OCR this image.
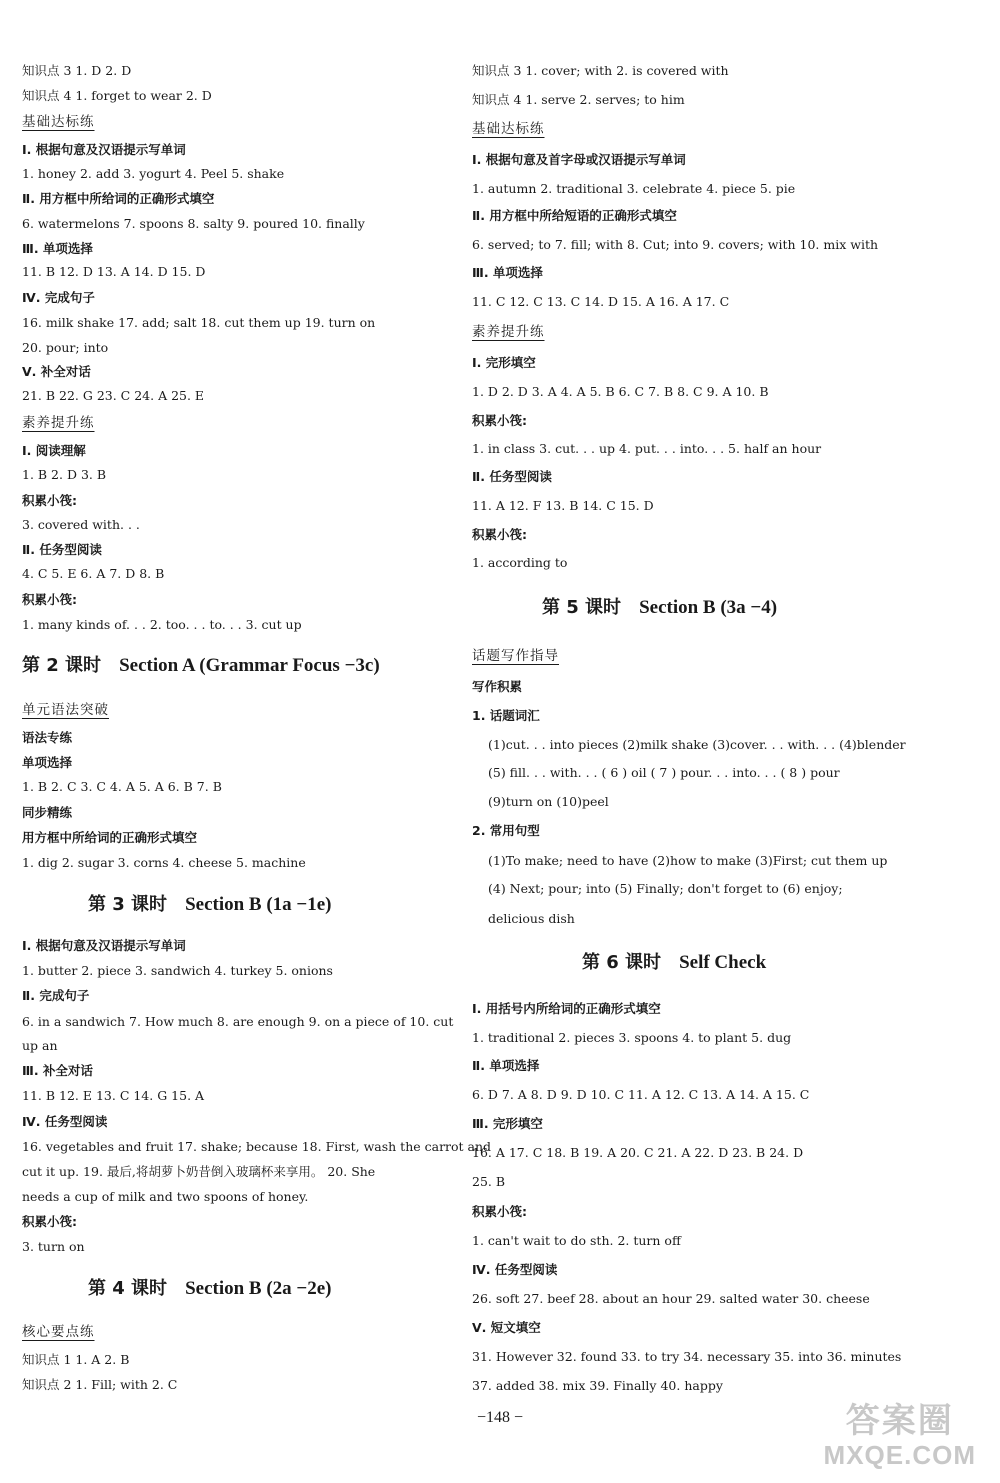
知识点 3 1. D 2. D
知识点 4 1. forget to wear 2. D
基础达标练
Ⅰ. 根据句意及汉语提示写单词
1. honey 2. add 3. yogurt 4. Peel 5. shake
Ⅱ. 用方框中所给词的正确形式填空
6. watermelons 7. spoons 8. salty 9. poured 10. finally
Ⅲ. 单项选择
11. B 12. D 13. A 14. D 15. D
Ⅳ. 完成句子
16. milk shake 17. add; salt 18. cut them up 19. turn on
20. pour; into
Ⅴ. 补全对话
21. B 22. G 23. C 24. A 25. E
素养提升练
Ⅰ. 阅读理解
1. B 2. D 3. B
积累小筏:
3. covered with. . .
Ⅱ. 任务型阅读
4. C 5. E 6. A 7. D 8. B
积累小筏:
1. many kinds of. . . 2. too. . . to. . . 3. cut up
第 2 课时 Section A (Grammar Focus −3c)
单元语法突破
语法专练
单项选择
1. B 2. C 3. C 4. A 5. A 6. B 7. B
同步精练
用方框中所给词的正确形式填空
1. dig 2. sugar 3. corns 4. cheese 5. machine
第 3 课时 Section B (1a −1e)
Ⅰ. 根据句意及汉语提示写单词
1. butter 2. piece 3. sandwich 4. turkey 5. onions
Ⅱ. 完成句子
6. in a sandwich 7. How much 8. are enough 9. on a piece of 10. cut
up an
Ⅲ. 补全对话
11. B 12. E 13. C 14. G 15. A
Ⅳ. 任务型阅读
16. vegetables and fruit 17. shake; because 18. First, wash the carrot and
cut it up. 19. 最后,将胡萝卜奶昔倒入玻璃杯来享用。 20. She
needs a cup of milk and two spoons of honey.
积累小筏:
3. turn on
第 4 课时 Section B (2a −2e)
核心要点练
知识点 1 1. A 2. B
知识点 2 1. Fill; with 2. C
知识点 3 1. cover; with 2. is covered with
知识点 4 1. serve 2. serves; to him
基础达标练
Ⅰ. 根据句意及首字母或汉语提示写单词
1. autumn 2. traditional 3. celebrate 4. piece 5. pie
Ⅱ. 用方框中所给短语的正确形式填空
6. served; to 7. fill; with 8. Cut; into 9. covers; with 10. mix with
Ⅲ. 单项选择
11. C 12. C 13. C 14. D 15. A 16. A 17. C
素养提升练
Ⅰ. 完形填空
1. D 2. D 3. A 4. A 5. B 6. C 7. B 8. C 9. A 10. B
积累小筏:
1. in class 3. cut. . . up 4. put. . . into. . . 5. half an hour
Ⅱ. 任务型阅读
11. A 12. F 13. B 14. C 15. D
积累小筏:
1. according to
第 5 课时 Section B (3a −4)
话题写作指导
写作积累
1. 话题词汇
(1)cut. . . into pieces (2)milk shake (3)cover. . . with. . . (4)blender
(5) fill. . . with. . . ( 6 ) oil ( 7 ) pour. . . into. . . ( 8 ) pour
(9)turn on (10)peel
2. 常用句型
(1)To make; need to have (2)how to make (3)First; cut them up
(4) Next; pour; into (5) Finally; don't forget to (6) enjoy;
delicious dish
第 6 课时 Self Check
Ⅰ. 用括号内所给词的正确形式填空
1. traditional 2. pieces 3. spoons 4. to plant 5. dug
Ⅱ. 单项选择
6. D 7. A 8. D 9. D 10. C 11. A 12. C 13. A 14. A 15. C
Ⅲ. 完形填空
16. A 17. C 18. B 19. A 20. C 21. A 22. D 23. B 24. D
25. B
积累小筏:
1. can't wait to do sth. 2. turn off
Ⅳ. 任务型阅读
26. soft 27. beef 28. about an hour 29. salted water 30. cheese
Ⅴ. 短文填空
31. However 32. found 33. to try 34. necessary 35. into 36. minutes
37. added 38. mix 39. Finally 40. happy
−148 −	答案圈
MXQE.COM
